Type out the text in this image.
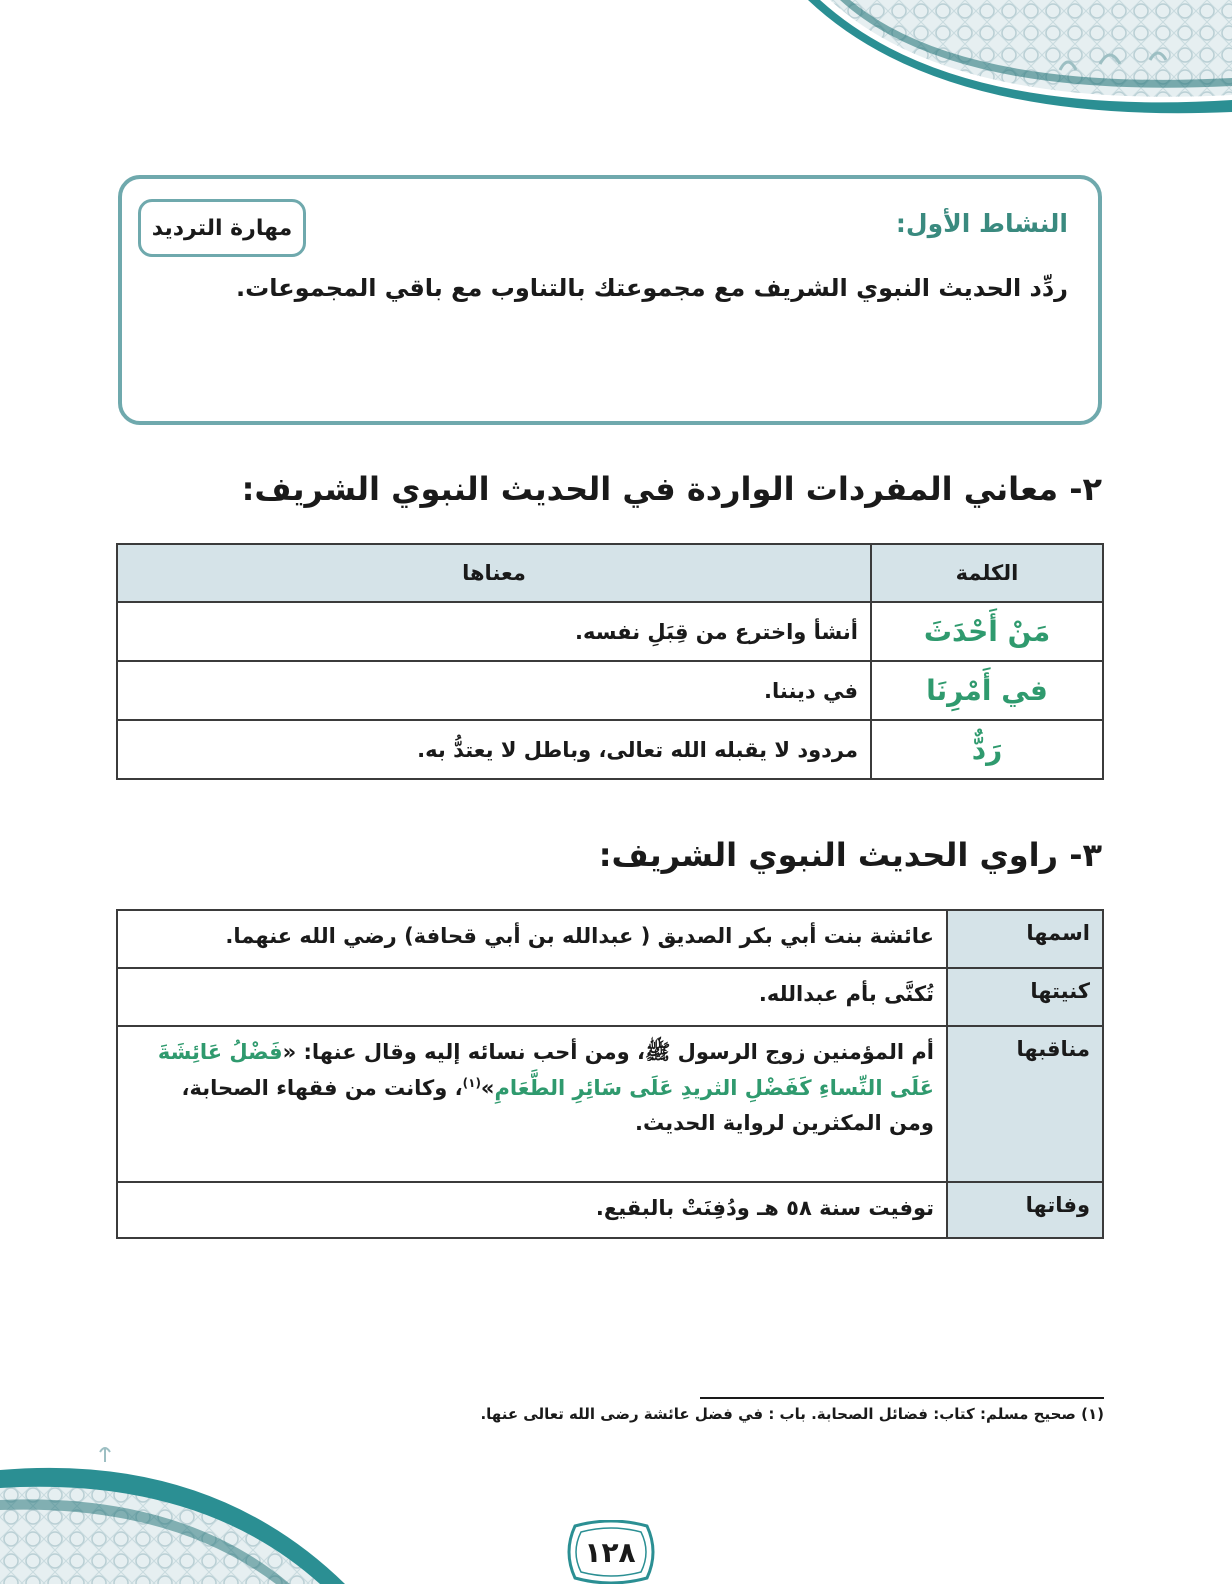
النشاط الأول:
مهارة الترديد
ردِّد الحديث النبوي الشريف مع مجموعتك بالتناوب مع باقي المجموعات.
٢- معاني المفردات الواردة في الحديث النبوي الشريف:
الكلمة	معناها
مَنْ أَحْدَثَ	أنشأ واخترع من قِبَلِ نفسه.
في أَمْرِنَا	في ديننا.
رَدٌّ	مردود لا يقبله الله تعالى، وباطل لا يعتدُّ به.
٣- راوي الحديث النبوي الشريف:
اسمها	عائشة بنت أبي بكر الصديق ( عبدالله بن أبي قحافة) رضي الله عنهما.
كنيتها	تُكنَّى بأم عبدالله.
مناقبها	أم المؤمنين زوج الرسول ﷺ، ومن أحب نسائه إليه وقال عنها: «فَضْلُ عَائِشَةَ عَلَى النِّساءِ كَفَضْلِ الثريدِ عَلَى سَائِرِ الطَّعَامِ»$^{(١)}$، وكانت من فقهاء الصحابة، ومن المكثرين لرواية الحديث.
وفاتها	توفيت سنة ٥٨ هـ ودُفِنَتْ بالبقيع.
(١) صحيح مسلم: كتاب: فضائل الصحابة. باب : في فضل عائشة رضى الله تعالى عنها.
١٢٨
